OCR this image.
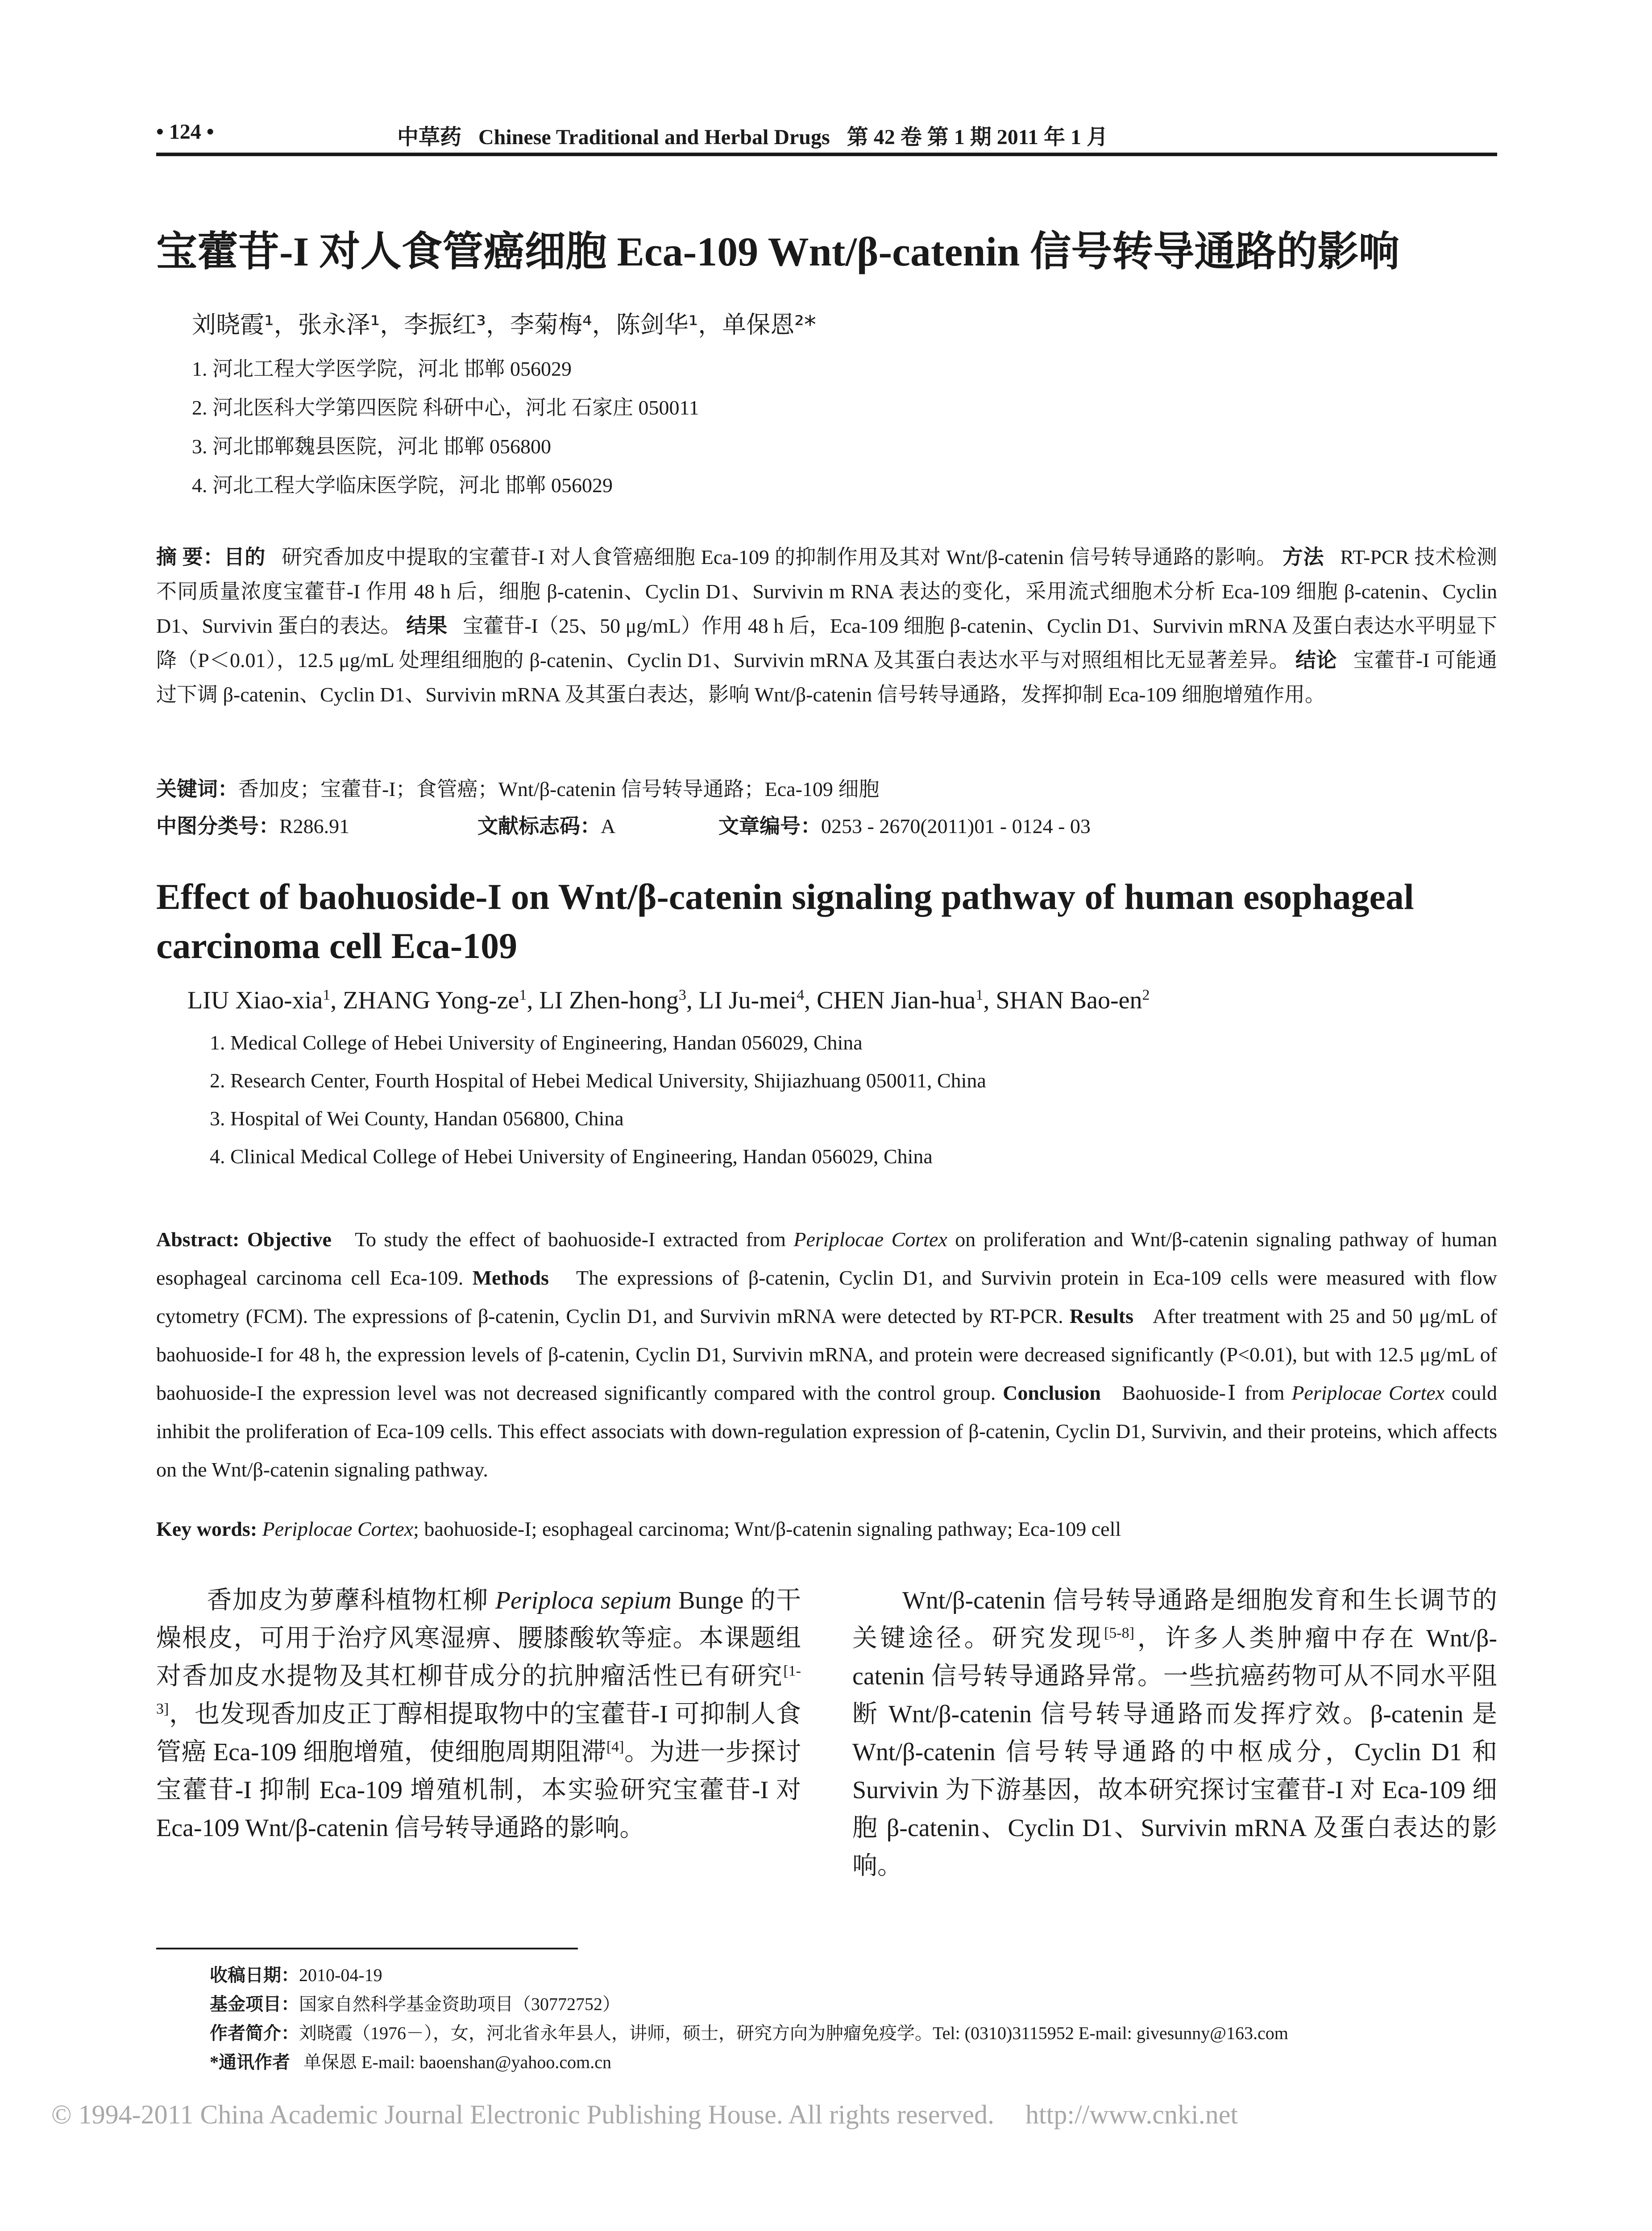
• 124 •	中草药 Chinese Traditional and Herbal Drugs 第 42 卷 第 1 期 2011 年 1 月
宝藿苷-I 对人食管癌细胞 Eca-109 Wnt/β-catenin 信号转导通路的影响
刘晓霞¹，张永泽¹，李振红³，李菊梅⁴，陈剑华¹，单保恩²*
1. 河北工程大学医学院，河北 邯郸 056029
2. 河北医科大学第四医院 科研中心，河北 石家庄 050011
3. 河北邯郸魏县医院，河北 邯郸 056800
4. 河北工程大学临床医学院，河北 邯郸 056029
摘 要：目的 研究香加皮中提取的宝藿苷-I 对人食管癌细胞 Eca-109 的抑制作用及其对 Wnt/β-catenin 信号转导通路的影响。 方法 RT-PCR 技术检测不同质量浓度宝藿苷-I 作用 48 h 后，细胞 β-catenin、Cyclin D1、Survivin m RNA 表达的变化，采用流式细胞术分析 Eca-109 细胞 β-catenin、Cyclin D1、Survivin 蛋白的表达。 结果 宝藿苷-I（25、50 μg/mL）作用 48 h 后，Eca-109 细胞 β-catenin、Cyclin D1、Survivin mRNA 及蛋白表达水平明显下降（P＜0.01），12.5 μg/mL 处理组细胞的 β-catenin、Cyclin D1、Survivin mRNA 及其蛋白表达水平与对照组相比无显著差异。 结论 宝藿苷-I 可能通过下调 β-catenin、Cyclin D1、Survivin mRNA 及其蛋白表达，影响 Wnt/β-catenin 信号转导通路，发挥抑制 Eca-109 细胞增殖作用。
关键词：香加皮；宝藿苷-I；食管癌；Wnt/β-catenin 信号转导通路；Eca-109 细胞
中图分类号：R286.91	文献标志码：A	文章编号：0253 - 2670(2011)01 - 0124 - 03
Effect of baohuoside-I on Wnt/β-catenin signaling pathway of human esophageal carcinoma cell Eca-109
LIU Xiao-xia$^1$, ZHANG Yong-$ze^1$, LI Zhen-hong$^3$, LI Ju-mei$^4$, CHEN Jian-hua$^1$, SHAN Bao-$en^2$
1. Medical College of Hebei University of Engineering, Handan 056029, China
2. Research Center, Fourth Hospital of Hebei Medical University, Shijiazhuang 050011, China
3. Hospital of Wei County, Handan 056800, China
4. Clinical Medical College of Hebei University of Engineering, Handan 056029, China
Abstract: Objective To study the effect of baohuoside-I extracted from Periplocae Cortex on proliferation and Wnt/β-catenin signaling pathway of human esophageal carcinoma cell Eca-109. Methods The expressions of β-catenin, Cyclin D1, and Survivin protein in Eca-109 cells were measured with flow cytometry (FCM). The expressions of β-catenin, Cyclin D1, and Survivin mRNA were detected by RT-PCR. Results After treatment with 25 and 50 μg/mL of baohuoside-I for 48 h, the expression levels of β-catenin, Cyclin D1, Survivin mRNA, and protein were decreased significantly (P<0.01), but with 12.5 μg/mL of baohuoside-I the expression level was not decreased significantly compared with the control group. Conclusion Baohuoside-Ⅰ from Periplocae Cortex could inhibit the proliferation of Eca-109 cells. This effect associats with down-regulation expression of β-catenin, Cyclin D1, Survivin, and their proteins, which affects on the Wnt/β-catenin signaling pathway.
Key words: Periplocae Cortex; baohuoside-I; esophageal carcinoma; Wnt/β-catenin signaling pathway; Eca-109 cell
  香加皮为萝藦科植物杠柳 Periploca sepium Bunge 的干燥根皮，可用于治疗风寒湿痹、腰膝酸软等症。本课题组对香加皮水提物及其杠柳苷成分的抗肿瘤活性已有研究[1-3]，也发现香加皮正丁醇相提取物中的宝藿苷-I 可抑制人食管癌 Eca-109 细胞增殖，使细胞周期阻滞[4]。为进一步探讨宝藿苷-I 抑制 Eca-109 增殖机制，本实验研究宝藿苷-I 对 Eca-109 Wnt/β-catenin 信号转导通路的影响。
  Wnt/β-catenin 信号转导通路是细胞发育和生长调节的关键途径。研究发现[5-8]，许多人类肿瘤中存在 Wnt/β-catenin 信号转导通路异常。一些抗癌药物可从不同水平阻断 Wnt/β-catenin 信号转导通路而发挥疗效。β-catenin 是 Wnt/β-catenin 信号转导通路的中枢成分，Cyclin D1 和 Survivin 为下游基因，故本研究探讨宝藿苷-I 对 Eca-109 细胞 β-catenin、Cyclin D1、Survivin mRNA 及蛋白表达的影响。
收稿日期：2010-04-19
基金项目：国家自然科学基金资助项目（30772752）
作者简介：刘晓霞（1976－），女，河北省永年县人，讲师，硕士，研究方向为肿瘤免疫学。Tel: (0310)3115952 E-mail: givesunny@163.com
*通讯作者 单保恩 E-mail: baoenshan@yahoo.com.cn
© 1994-2011 China Academic Journal Electronic Publishing House. All rights reserved. http://www.cnki.net
